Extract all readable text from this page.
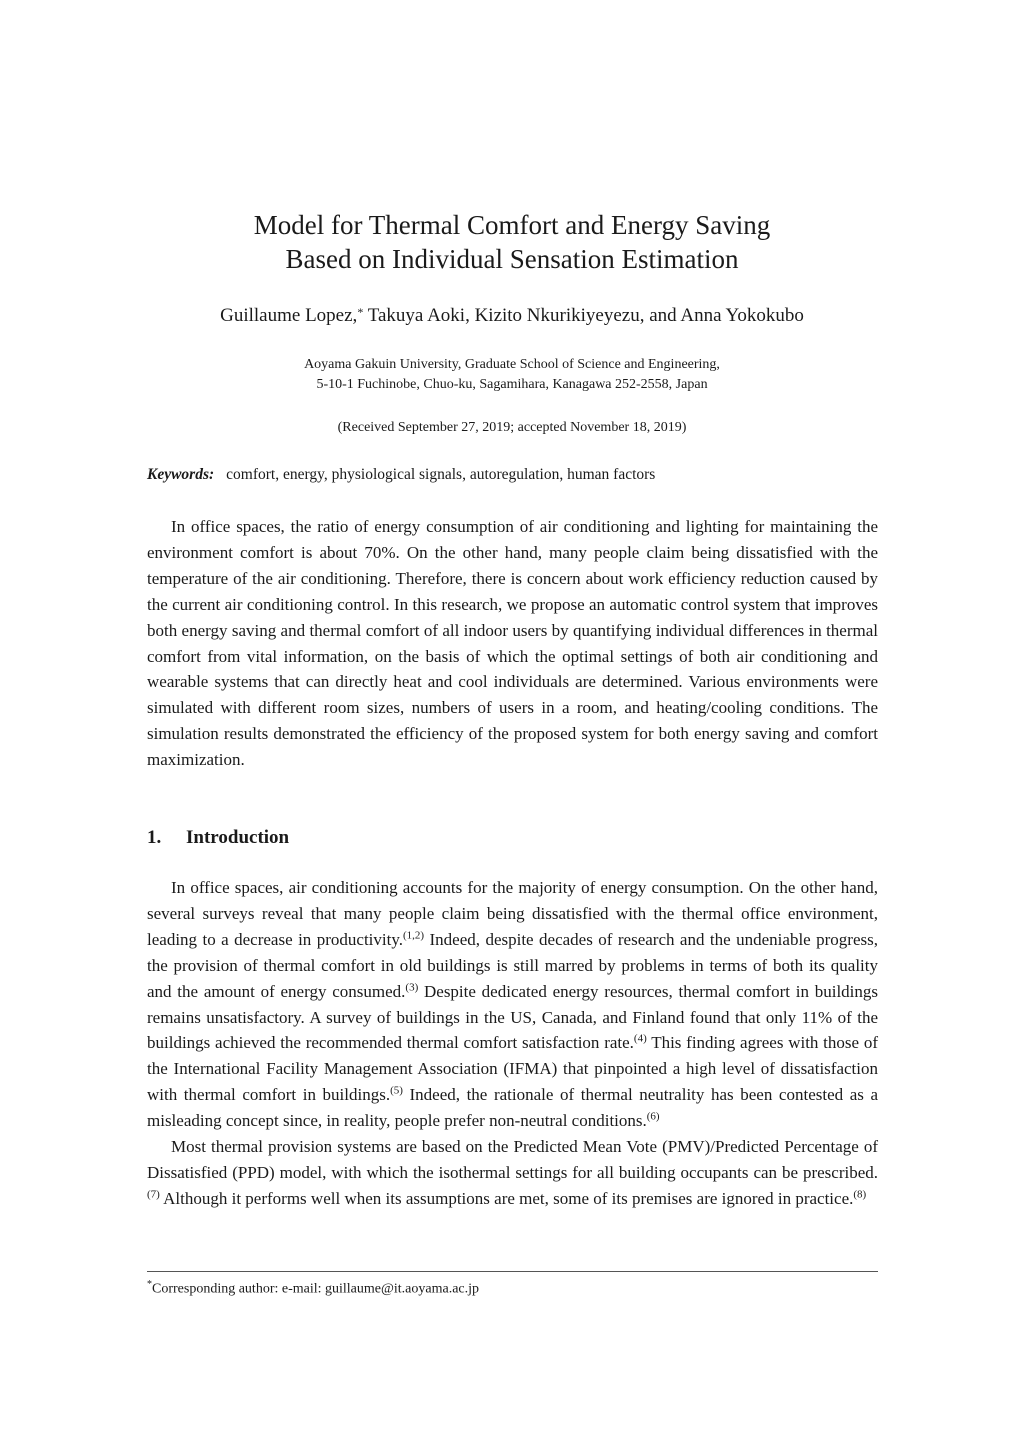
Model for Thermal Comfort and Energy Saving
Based on Individual Sensation Estimation
Guillaume Lopez,* Takuya Aoki, Kizito Nkurikiyeyezu, and Anna Yokokubo
Aoyama Gakuin University, Graduate School of Science and Engineering,
5-10-1 Fuchinobe, Chuo-ku, Sagamihara, Kanagawa 252-2558, Japan
(Received September 27, 2019; accepted November 18, 2019)
Keywords: comfort, energy, physiological signals, autoregulation, human factors

In office spaces, the ratio of energy consumption of air conditioning and lighting for maintaining the environment comfort is about 70%. On the other hand, many people claim being dissatisfied with the temperature of the air conditioning. Therefore, there is concern about work efficiency reduction caused by the current air conditioning control. In this research, we propose an automatic control system that improves both energy saving and thermal comfort of all indoor users by quantifying individual differences in thermal comfort from vital information, on the basis of which the optimal settings of both air conditioning and wearable systems that can directly heat and cool individuals are determined. Various environments were simulated with different room sizes, numbers of users in a room, and heating/cooling conditions. The simulation results demonstrated the efficiency of the proposed system for both energy saving and comfort maximization.

1. Introduction

In office spaces, air conditioning accounts for the majority of energy consumption. On the other hand, several surveys reveal that many people claim being dissatisfied with the thermal office environment, leading to a decrease in productivity.$^{(1,2)}$ Indeed, despite decades of research and the undeniable progress, the provision of thermal comfort in old buildings is still marred by problems in terms of both its quality and the amount of energy consumed.$^{(3)}$ Despite dedicated energy resources, thermal comfort in buildings remains unsatisfactory. A survey of buildings in the US, Canada, and Finland found that only 11% of the buildings achieved the recommended thermal comfort satisfaction rate.$^{(4)}$ This finding agrees with those of the International Facility Management Association (IFMA) that pinpointed a high level of dissatisfaction with thermal comfort in buildings.$^{(5)}$ Indeed, the rationale of thermal neutrality has been contested as a misleading concept since, in reality, people prefer non-neutral conditions.$^{(6)}$

Most thermal provision systems are based on the Predicted Mean Vote (PMV)/Predicted Percentage of Dissatisfied (PPD) model, with which the isothermal settings for all building occupants can be prescribed.$^{(7)}$ Although it performs well when its assumptions are met, some of its premises are ignored in practice.$^{(8)}$

*Corresponding author: e-mail: guillaume@it.aoyama.ac.jp
